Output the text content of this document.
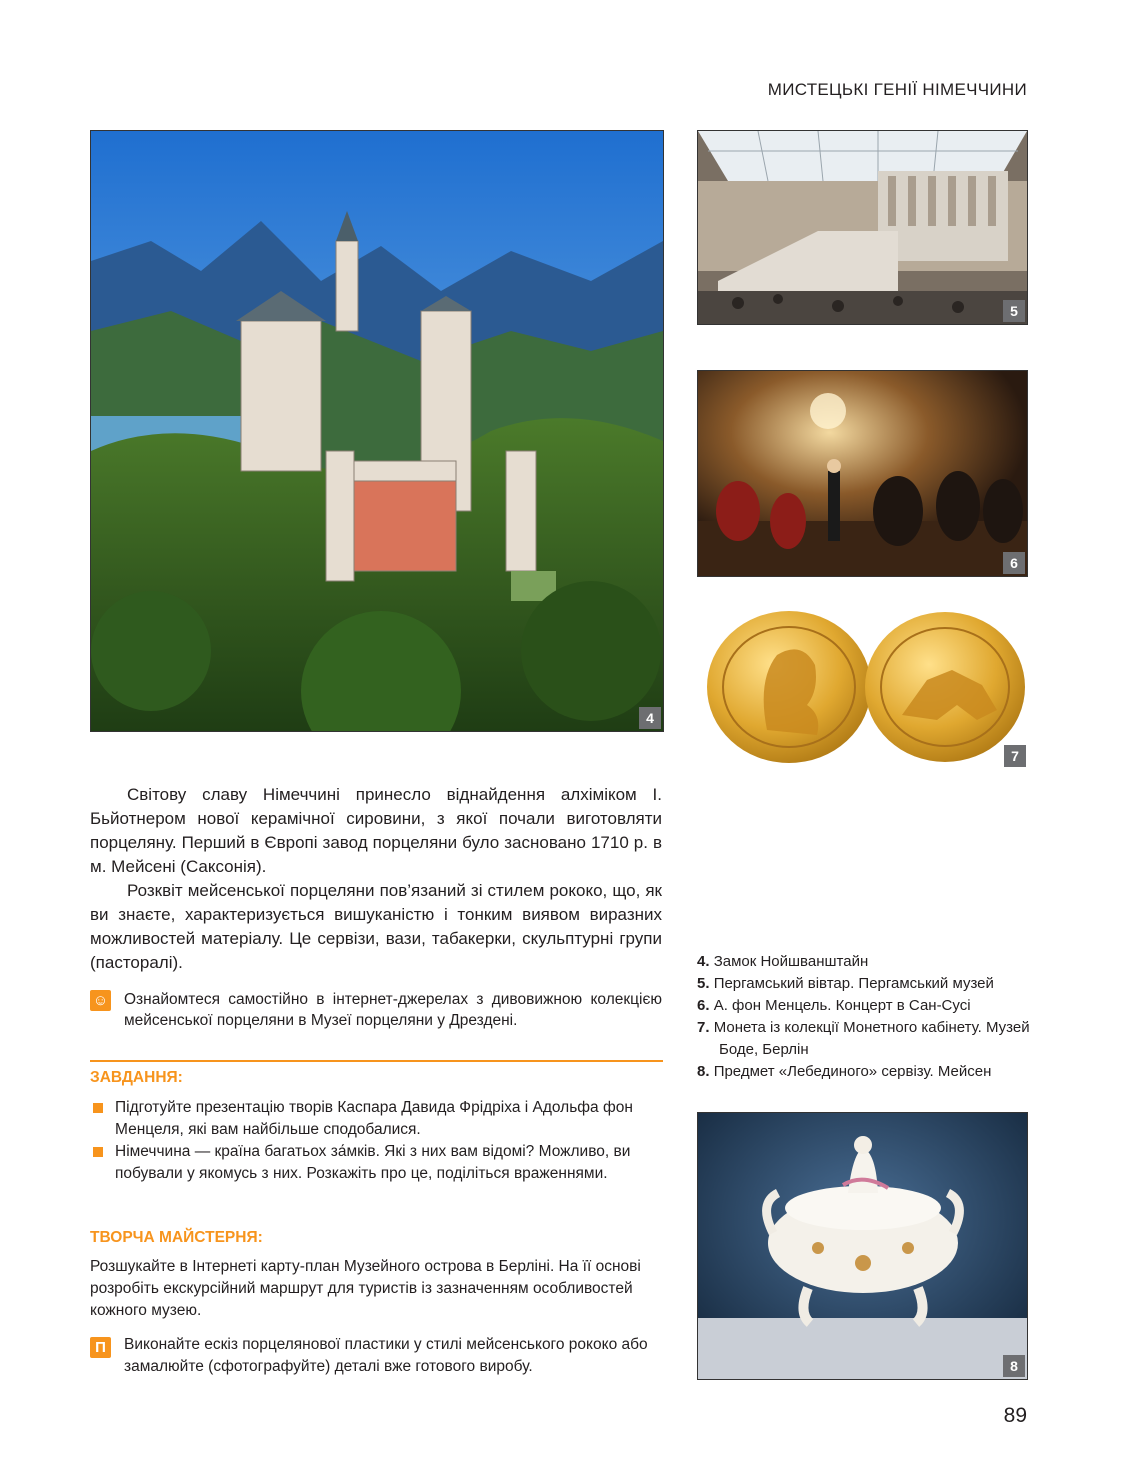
МИСТЕЦЬКІ ГЕНІЇ НІМЕЧЧИНИ
4
5
6
7

Світову славу Німеччині принесло віднайдення алхіміком І. Бьйотнером нової керамічної сировини, з якої почали виготовляти порцеляну. Перший в Європі завод порцеляни було засновано 1710 р. в м. Мейсені (Саксонія).

Розквіт мейсенської порцеляни пов’язаний зі стилем рококо, що, як ви знаєте, характеризується вишуканістю і тонким виявом виразних можливостей матеріалу. Це сервізи, вази, табакерки, скульптурні групи (пасторалі).

☺ Ознайомтеся самостійно в інтернет-джерелах з дивовижною колекцією мейсенської порцеляни в Музеї порцеляни у Дрездені.
ЗАВДАННЯ:
Підготуйте презентацію творів Каспара Давида Фрідріха і Адольфа фон Менцеля, які вам найбільше сподобалися.
Німеччина — країна багатьох за́мків. Які з них вам відомі? Можливо, ви побували у якомусь з них. Розкажіть про це, поділіться враженнями.
ТВОРЧА МАЙСТЕРНЯ:
Розшукайте в Інтернеті карту-план Музейного острова в Берліні. На її основі розробіть екскурсійний маршрут для туристів із зазначенням особливостей кожного музею.
П	Виконайте ескіз порцелянової пластики у стилі мейсенського рококо або замалюйте (сфотографуйте) деталі вже готового виробу.
4. Замок Нойшванштайн
5. Пергамський вівтар. Пергамський музей
6. А. фон Менцель. Концерт в Сан-Сусі
7. Монета із колекції Монетного кабінету. Музей Боде, Берлін
8. Предмет «Лебединого» сервізу. Мейсен
8
89
